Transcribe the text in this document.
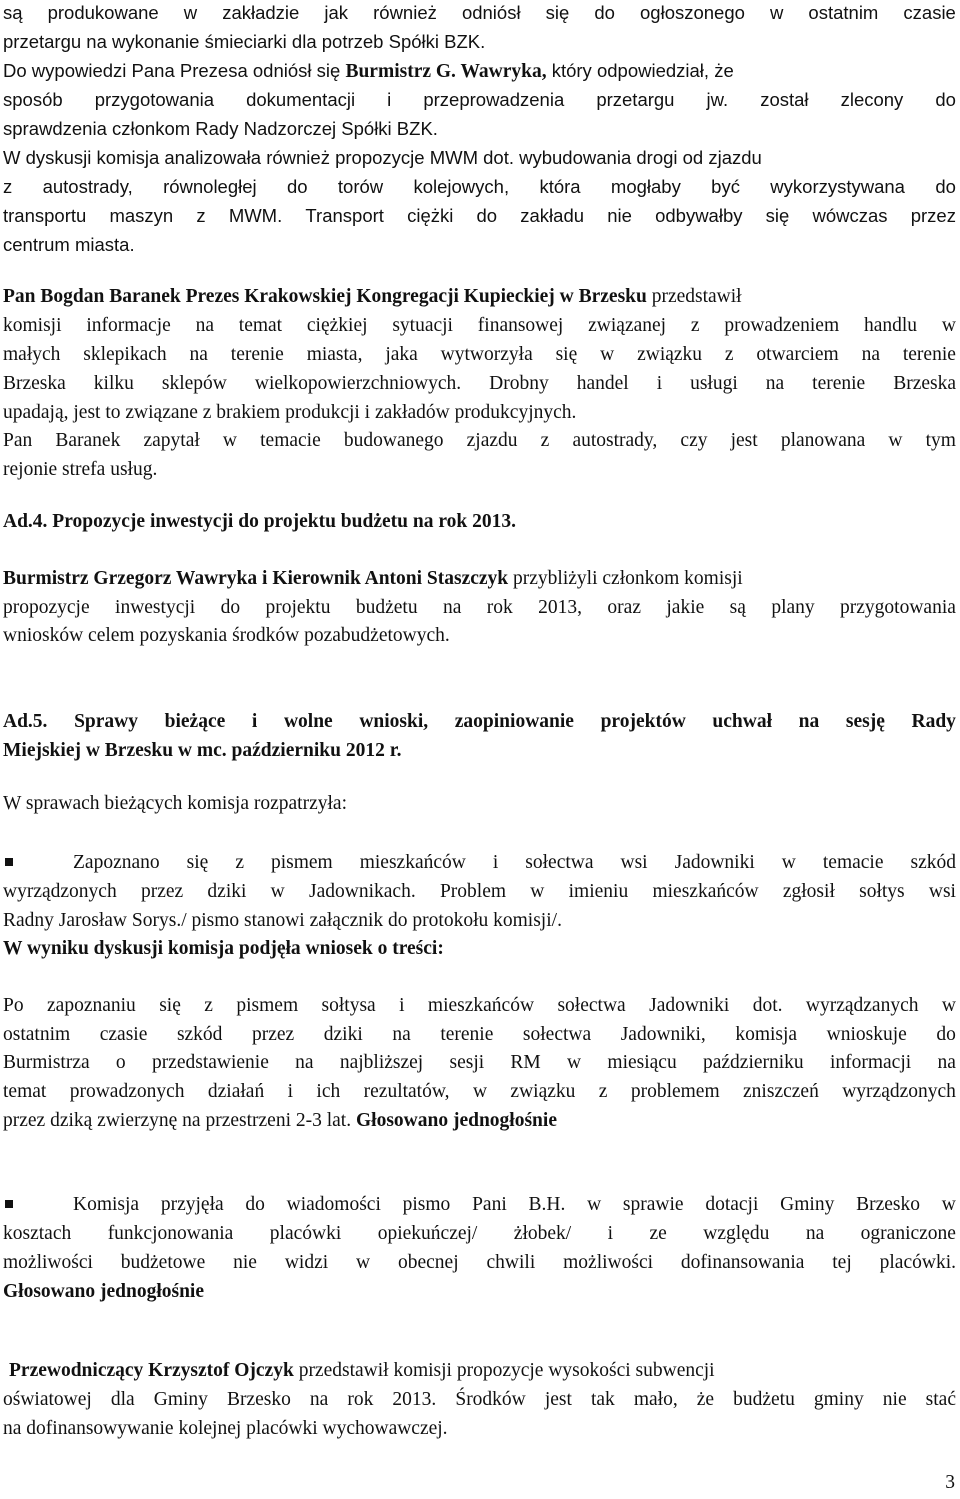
są produkowane w zakładzie jak również odniósł się do ogłoszonego w ostatnim czasie
przetargu na wykonanie śmieciarki dla potrzeb Spółki BZK.
Do wypowiedzi Pana Prezesa odniósł się Burmistrz G. Wawryka, który odpowiedział, że
sposób przygotowania dokumentacji i przeprowadzenia przetargu jw. został zlecony do
sprawdzenia członkom Rady Nadzorczej Spółki BZK.
W dyskusji komisja analizowała również propozycje MWM dot. wybudowania drogi od zjazdu
z autostrady, równoległej do torów kolejowych, która mogłaby być wykorzystywana do
transportu maszyn z MWM. Transport ciężki do zakładu nie odbywałby się wówczas przez
centrum miasta.
Pan Bogdan Baranek Prezes Krakowskiej Kongregacji Kupieckiej w Brzesku przedstawił
komisji informacje na temat ciężkiej sytuacji finansowej związanej z prowadzeniem handlu w
małych sklepikach na terenie miasta, jaka wytworzyła się w związku z otwarciem na terenie
Brzeska kilku sklepów wielkopowierzchniowych. Drobny handel i usługi na terenie Brzeska
upadają, jest to związane z brakiem produkcji i zakładów produkcyjnych.
Pan Baranek zapytał w temacie budowanego zjazdu z autostrady, czy jest planowana w tym
rejonie strefa usług.
Ad.4. Propozycje inwestycji do projektu budżetu na rok 2013.
Burmistrz Grzegorz Wawryka i Kierownik Antoni Staszczyk przybliżyli członkom komisji
propozycje inwestycji do projektu budżetu na rok 2013, oraz jakie są plany przygotowania
wniosków celem pozyskania środków pozabudżetowych.
Ad.5. Sprawy bieżące i wolne wnioski, zaopiniowanie projektów uchwał na sesję Rady
Miejskiej w Brzesku w mc. październiku 2012 r.
W sprawach bieżących komisja rozpatrzyła:
Zapoznano się z pismem mieszkańców i sołectwa wsi Jadowniki w temacie szkód
wyrządzonych przez dziki w Jadownikach. Problem w imieniu mieszkańców zgłosił sołtys wsi
Radny Jarosław Sorys./ pismo stanowi załącznik do protokołu komisji/.
W wyniku dyskusji komisja podjęła wniosek o treści:
Po zapoznaniu się z pismem sołtysa i mieszkańców sołectwa Jadowniki dot. wyrządzanych w
ostatnim czasie szkód przez dziki na terenie sołectwa Jadowniki, komisja wnioskuje do
Burmistrza o przedstawienie na najbliższej sesji RM w miesiącu październiku informacji na
temat prowadzonych działań i ich rezultatów, w związku z problemem zniszczeń wyrządzonych
przez dziką zwierzynę na przestrzeni 2-3 lat. Głosowano jednogłośnie
Komisja przyjęła do wiadomości pismo Pani B.H. w sprawie dotacji Gminy Brzesko w
kosztach funkcjonowania placówki opiekuńczej/ żłobek/ i ze względu na ograniczone
możliwości budżetowe nie widzi w obecnej chwili możliwości dofinansowania tej placówki.
Głosowano jednogłośnie
Przewodniczący Krzysztof Ojczyk przedstawił komisji propozycje wysokości subwencji
oświatowej dla Gminy Brzesko na rok 2013. Środków jest tak mało, że budżetu gminy nie stać
na dofinansowywanie kolejnej placówki wychowawczej.
3
